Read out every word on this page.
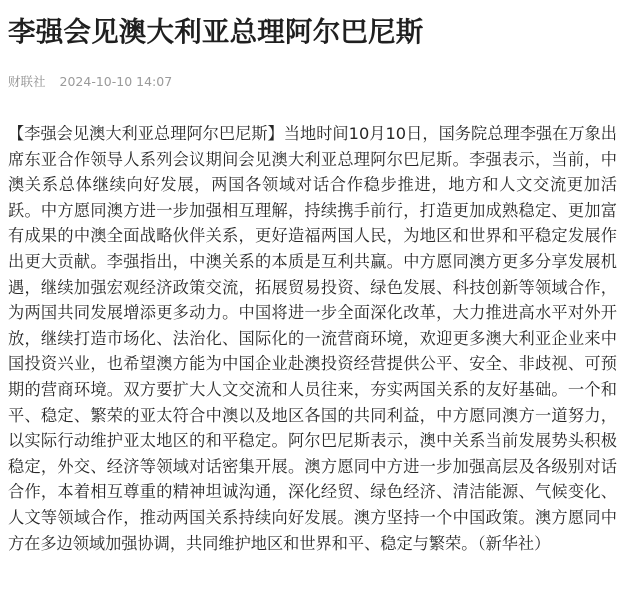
李强会见澳大利亚总理阿尔巴尼斯
财联社 2024-10-10 14:07

【李强会见澳大利亚总理阿尔巴尼斯】当地时间10月10日，国务院总理李强在万象出席东亚合作领导人系列会议期间会见澳大利亚总理阿尔巴尼斯。李强表示，当前，中澳关系总体继续向好发展，两国各领域对话合作稳步推进，地方和人文交流更加活跃。中方愿同澳方进一步加强相互理解，持续携手前行，打造更加成熟稳定、更加富有成果的中澳全面战略伙伴关系，更好造福两国人民，为地区和世界和平稳定发展作出更大贡献。李强指出，中澳关系的本质是互利共赢。中方愿同澳方更多分享发展机遇，继续加强宏观经济政策交流，拓展贸易投资、绿色发展、科技创新等领域合作，为两国共同发展增添更多动力。中国将进一步全面深化改革，大力推进高水平对外开放，继续打造市场化、法治化、国际化的一流营商环境，欢迎更多澳大利亚企业来中国投资兴业，也希望澳方能为中国企业赴澳投资经营提供公平、安全、非歧视、可预期的营商环境。双方要扩大人文交流和人员往来，夯实两国关系的友好基础。一个和平、稳定、繁荣的亚太符合中澳以及地区各国的共同利益，中方愿同澳方一道努力，以实际行动维护亚太地区的和平稳定。阿尔巴尼斯表示，澳中关系当前发展势头积极稳定，外交、经济等领域对话密集开展。澳方愿同中方进一步加强高层及各级别对话合作，本着相互尊重的精神坦诚沟通，深化经贸、绿色经济、清洁能源、气候变化、人文等领域合作，推动两国关系持续向好发展。澳方坚持一个中国政策。澳方愿同中方在多边领域加强协调，共同维护地区和世界和平、稳定与繁荣。（新华社）
